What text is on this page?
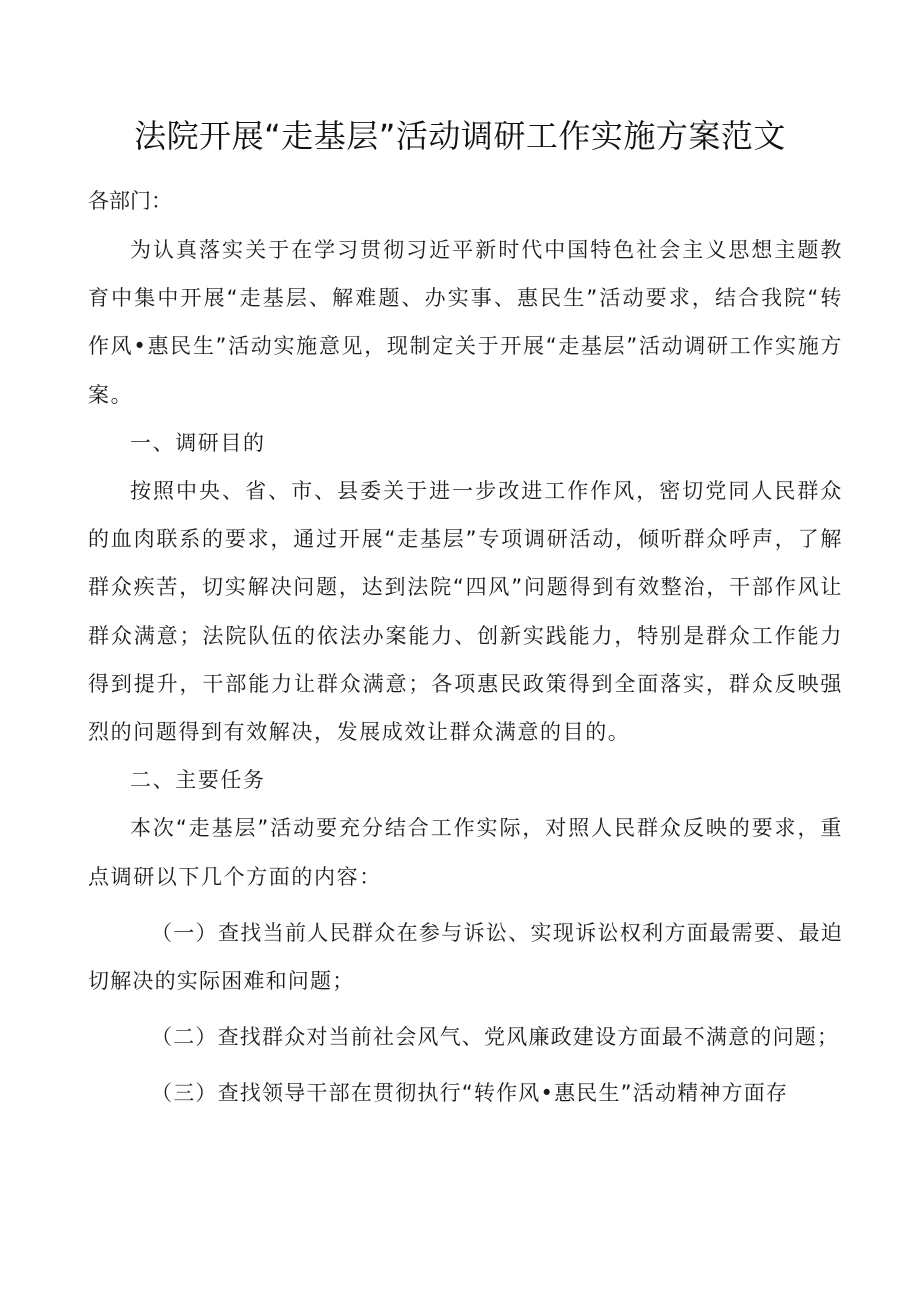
法院开展“走基层”活动调研工作实施方案范文
各部门：

为认真落实关于在学习贯彻习近平新时代中国特色社会主义思想主题教育中集中开展“走基层、解难题、办实事、惠民生”活动要求，结合我院“转作风•惠民生”活动实施意见，现制定关于开展“走基层”活动调研工作实施方案。

一、调研目的

按照中央、省、市、县委关于进一步改进工作作风，密切党同人民群众的血肉联系的要求，通过开展“走基层”专项调研活动，倾听群众呼声，了解群众疾苦，切实解决问题，达到法院“四风”问题得到有效整治，干部作风让群众满意；法院队伍的依法办案能力、创新实践能力，特别是群众工作能力得到提升，干部能力让群众满意；各项惠民政策得到全面落实，群众反映强烈的问题得到有效解决，发展成效让群众满意的目的。

二、主要任务

本次“走基层”活动要充分结合工作实际，对照人民群众反映的要求，重点调研以下几个方面的内容：

（一）查找当前人民群众在参与诉讼、实现诉讼权利方面最需要、最迫切解决的实际困难和问题；

（二）查找群众对当前社会风气、党风廉政建设方面最不满意的问题；

（三）查找领导干部在贯彻执行“转作风•惠民生”活动精神方面存
